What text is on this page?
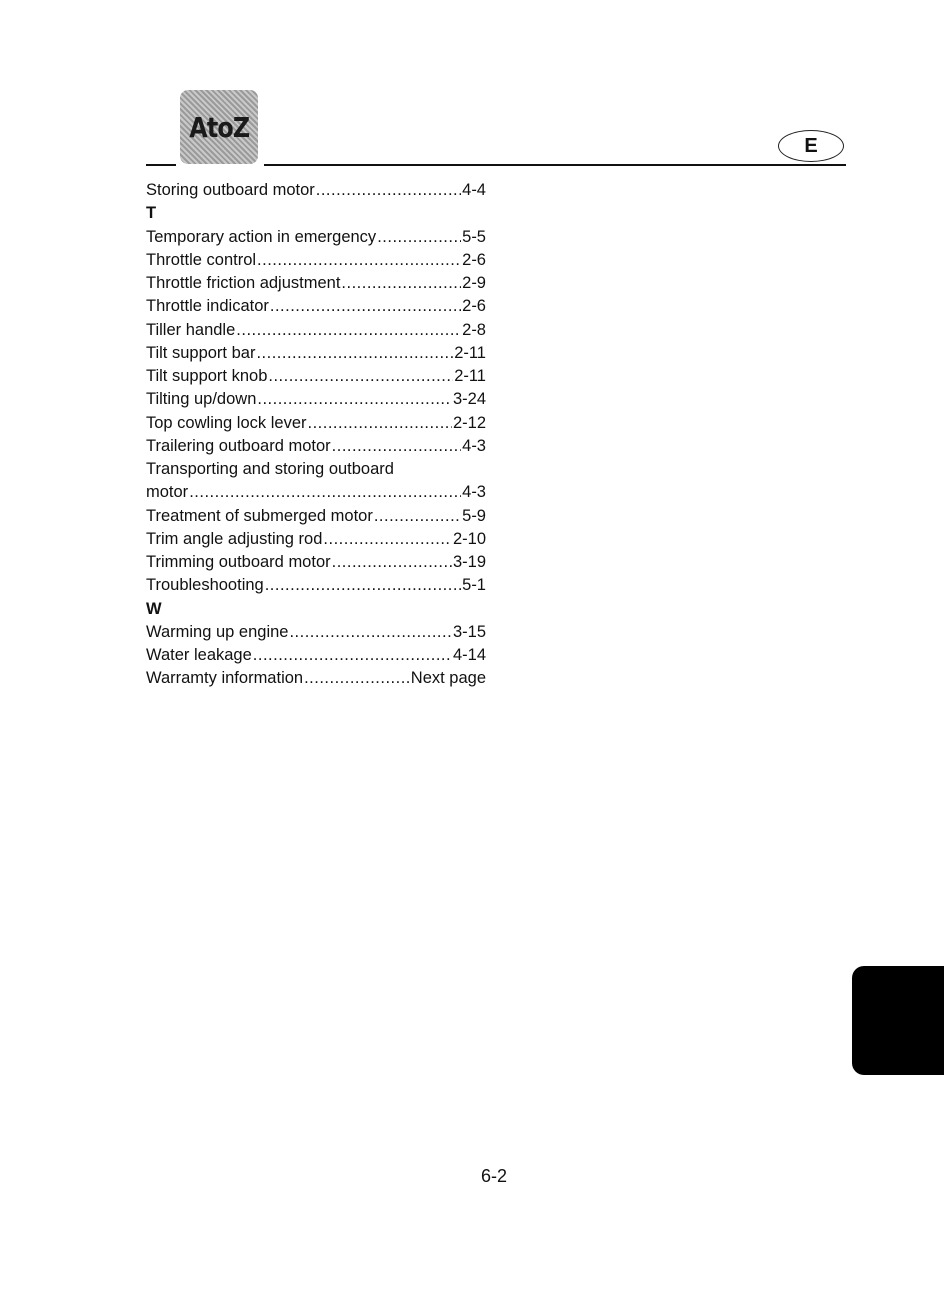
AtoZ
E
Storing outboard motor .....	4-4
T
Temporary action in emergency .....	5-5
Throttle control .....	2-6
Throttle friction adjustment .....	2-9
Throttle indicator .....	2-6
Tiller handle .....	2-8
Tilt support bar .....	2-11
Tilt support knob .....	2-11
Tilting up/down .....	3-24
Top cowling lock lever .....	2-12
Trailering outboard motor .....	4-3
Transporting and storing outboard
motor .....	4-3
Treatment of submerged motor .....	5-9
Trim angle adjusting rod .....	2-10
Trimming outboard motor .....	3-19
Troubleshooting .....	5-1
W
Warming up engine .....	3-15
Water leakage .....	4-14
Warramty information .....	Next page
6-2
